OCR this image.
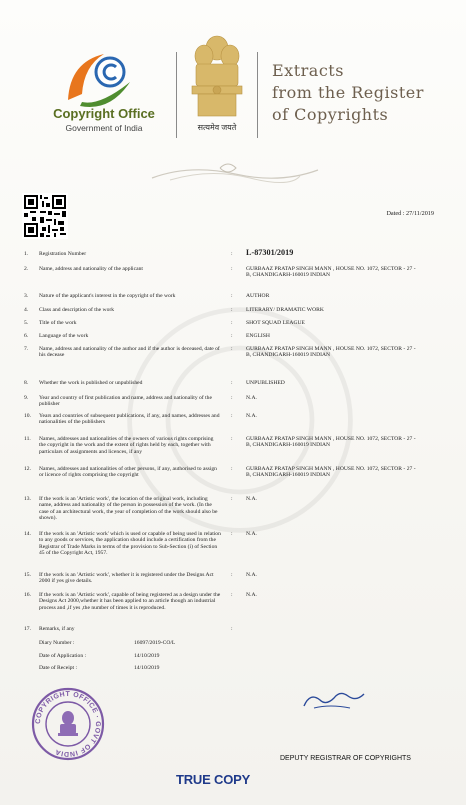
Copyright Office
Government of India	सत्यमेव जयते
Extracts
from the Register
of Copyrights
Dated : 27/11/2019
1. Registration Number	: L-87301/2019
2. Name, address and nationality of the applicant	: GURBAAZ PRATAP SINGH MANN , HOUSE NO. 1072, SECTOR - 27 - B, CHANDIGARH-160019 INDIAN
3. Nature of the applicant's interest in the copyright of the work	: AUTHOR
4. Class and description of the work	: LITERARY/ DRAMATIC WORK
5. Title of the work	: SHOT SQUAD LEAGUE
6. Language of the work	: ENGLISH
7. Name, address and nationality of the author and if the author is deceased, date of his decease
: GURBAAZ PRATAP SINGH MANN , HOUSE NO. 1072, SECTOR - 27 - B, CHANDIGARH-160019 INDIAN
8. Whether the work is published or unpublished	: UNPUBLISHED
9. Year and country of first publication and name, address and nationality of the publisher
: N.A.
10. Years and countries of subsequent publications, if any, and names, addresses and nationalities of the publishers
: N.A.
11. Names, addresses and nationalities of the owners of various rights comprising the copyright in the work and the extent of rights held by each, together with particulars of assignments and licences, if any
: GURBAAZ PRATAP SINGH MANN , HOUSE NO. 1072, SECTOR - 27 - B, CHANDIGARH-160019 INDIAN
12. Names, addresses and nationalities of other persons, if any, authorised to assign or licence of rights comprising the copyright
: GURBAAZ PRATAP SINGH MANN , HOUSE NO. 1072, SECTOR - 27 - B, CHANDIGARH-160019 INDIAN
13. If the work is an 'Artistic work', the location of the original work, including name, address and nationality of the person in possession of the work. (In the case of an architectural work, the year of completion of the work should also be shown).
: N.A.
14. If the work is an 'Artistic work' which is used or capable of being used in relation to any goods or services, the application should include a certification from the Registrar of Trade Marks in terms of the provision to Sub-Section (i) of Section 45 of the Copyright Act, 1957.
: N.A.
15. If the work is an 'Artistic work', whether it is registered under the Designs Act 2000 if yes give details.
: N.A.
16. If the work is an 'Artistic work', capable of being registered as a design under the Designs Act 2000,whether it has been applied to an article though an industrial process and ,if yes ,the number of times it is reproduced.
: N.A.
17. Remarks, if any	:
Diary Number :	16097/2019-CO/L
Date of Application :	14/10/2019
Date of Receipt :	14/10/2019
COPYRIGHT OFFICE · GOVT OF INDIA
DEPUTY REGISTRAR OF COPYRIGHTS
TRUE COPY
